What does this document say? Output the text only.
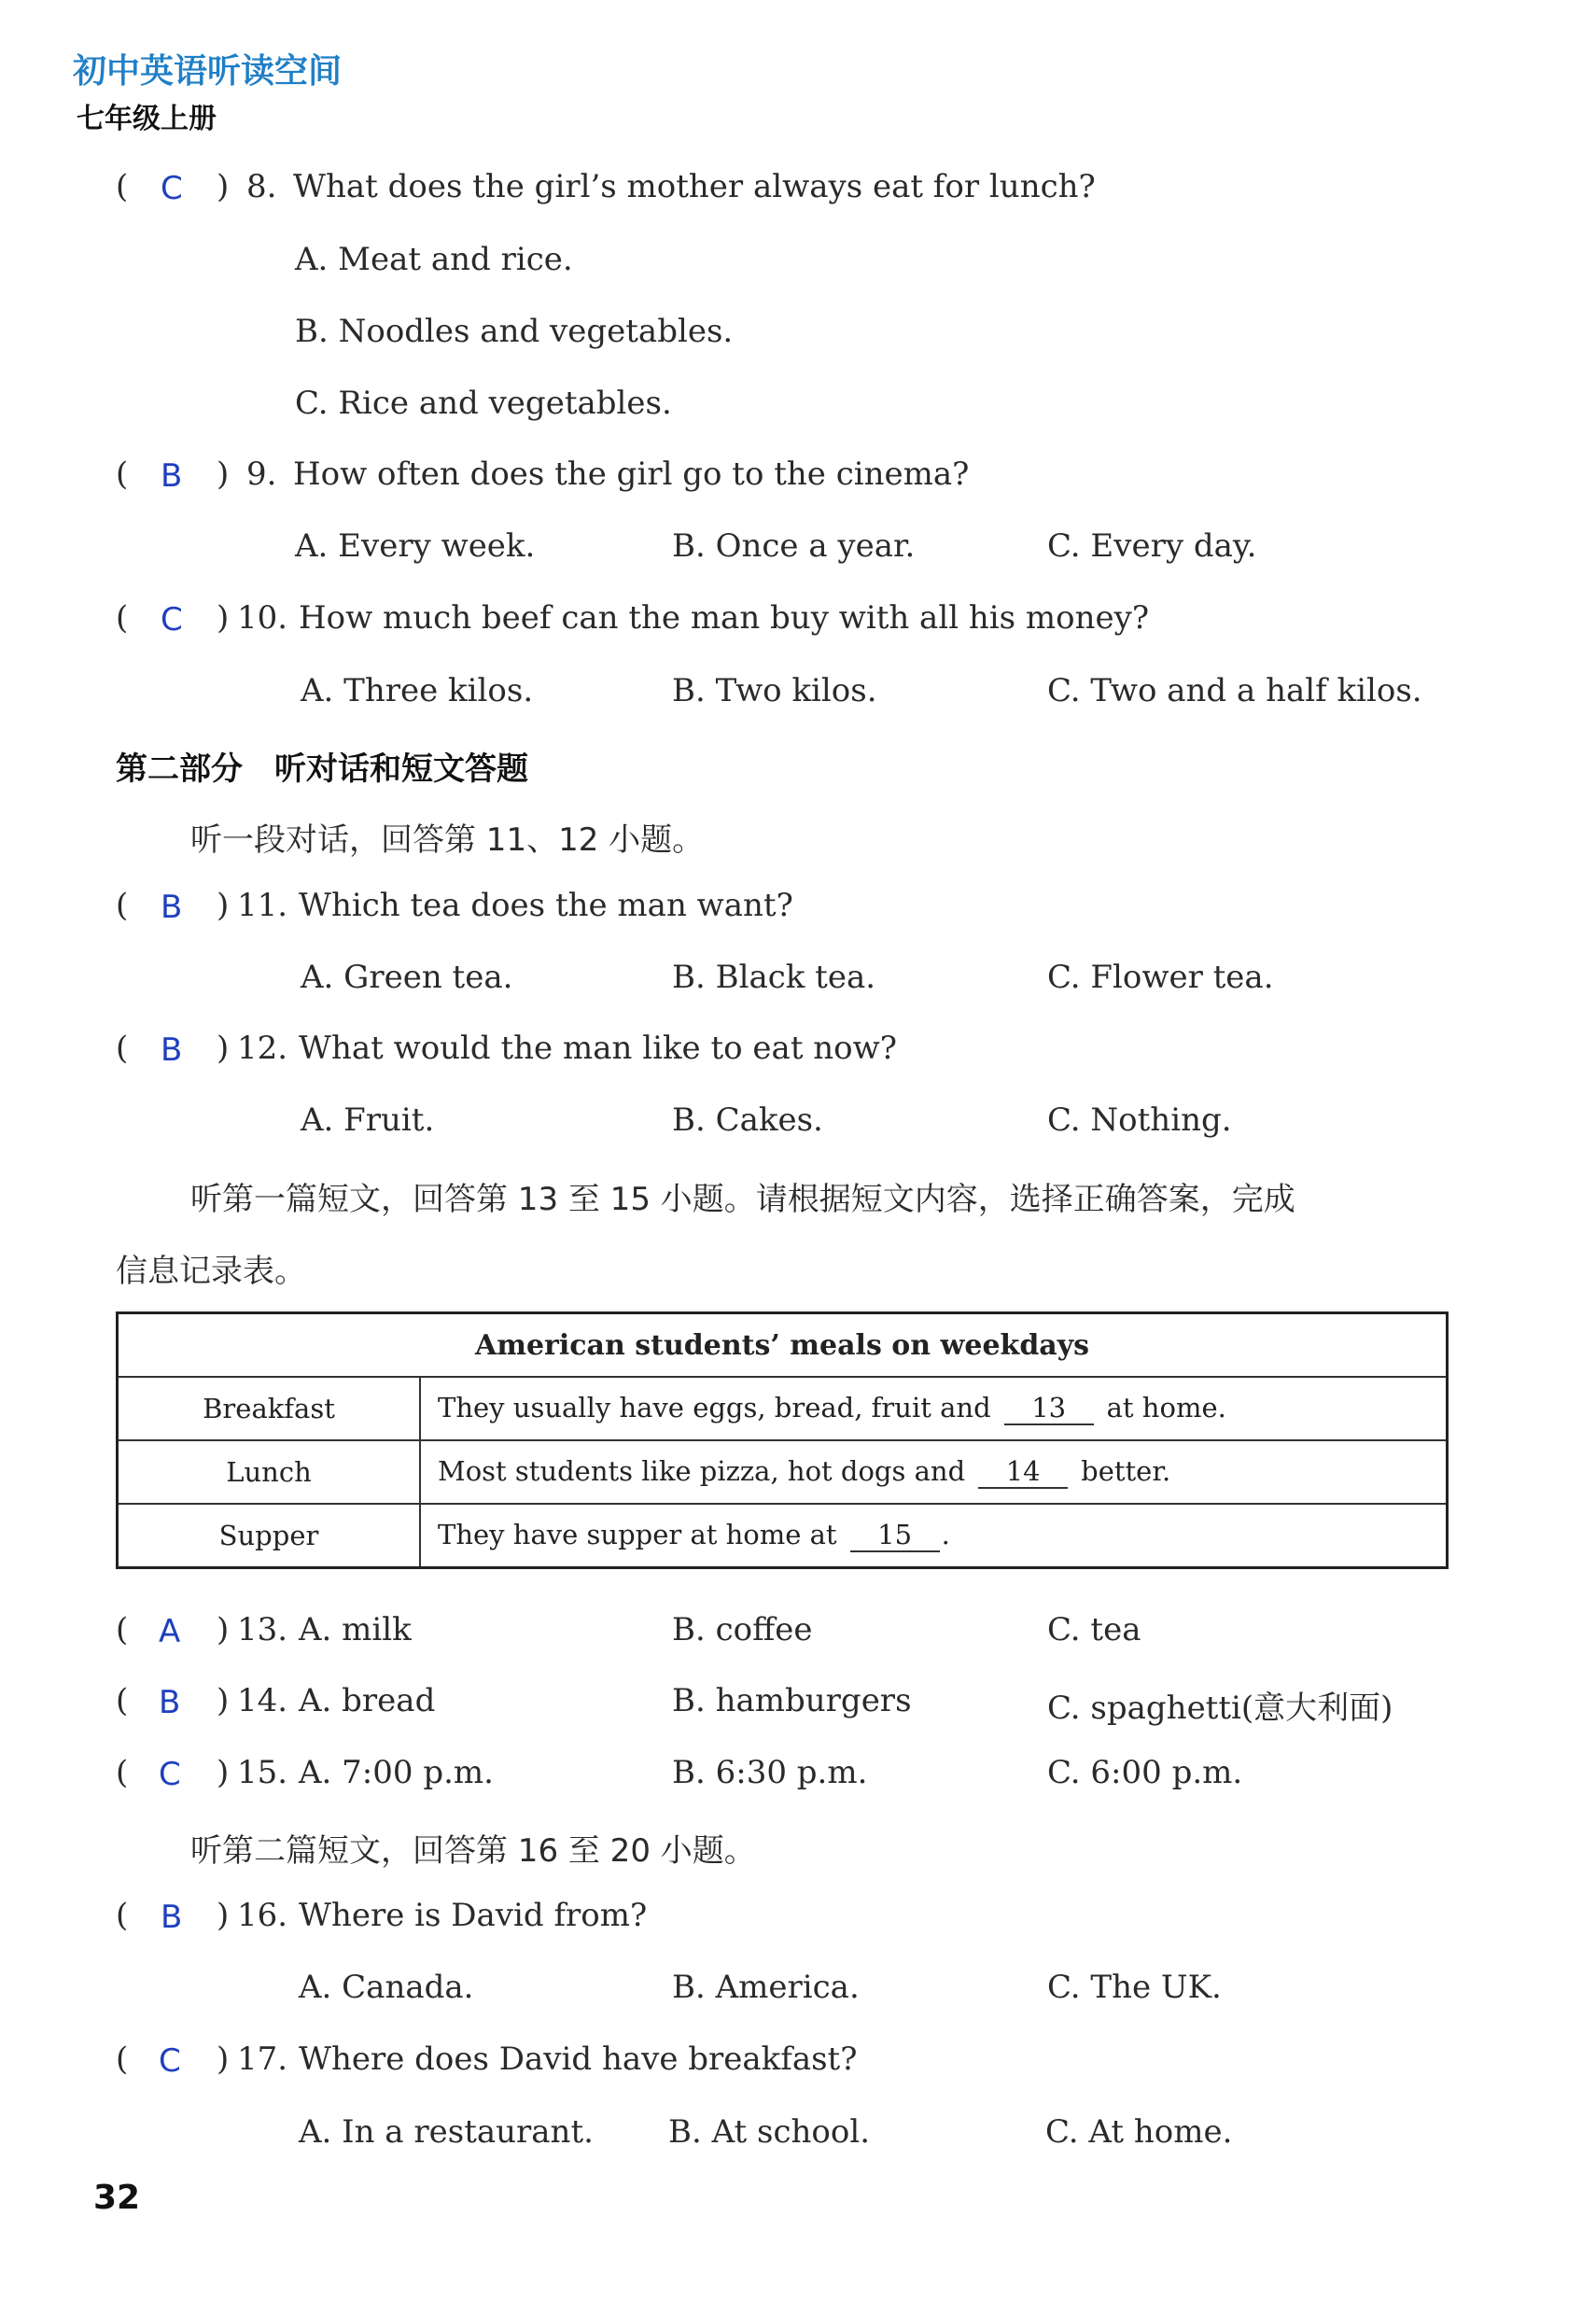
初中英语听读空间
七年级上册
( C ) 8. What does the girl’s mother always eat for lunch?
A. Meat and rice.
B. Noodles and vegetables.
C. Rice and vegetables.
( B ) 9. How often does the girl go to the cinema?
A. Every week.	B. Once a year.	C. Every day.
( C ) 10. How much beef can the man buy with all his money?
A. Three kilos.	B. Two kilos.	C. Two and a half kilos.
第二部分　听对话和短文答题
听一段对话，回答第 11、12 小题。
( B ) 11. Which tea does the man want?
A. Green tea.	B. Black tea.	C. Flower tea.
( B ) 12. What would the man like to eat now?
A. Fruit.	B. Cakes.	C. Nothing.
听第一篇短文，回答第 13 至 15 小题。请根据短文内容，选择正确答案，完成
信息记录表。
American students’ meals on weekdays	
Breakfast	They usually have eggs, bread, fruit and 13 at home.
Lunch	Most students like pizza, hot dogs and 14 better.
Supper	They have supper at home at 15 .
( A ) 13. A. milk	B. coffee	C. tea
( B ) 14. A. bread	B. hamburgers	C. spaghetti(意大利面)
( C ) 15. A. 7:00 p.m.	B. 6:30 p.m.	C. 6:00 p.m.
听第二篇短文，回答第 16 至 20 小题。
( B ) 16. Where is David from?
A. Canada.	B. America.	C. The UK.
( C ) 17. Where does David have breakfast?
A. In a restaurant. B. At school.	C. At home.
32
